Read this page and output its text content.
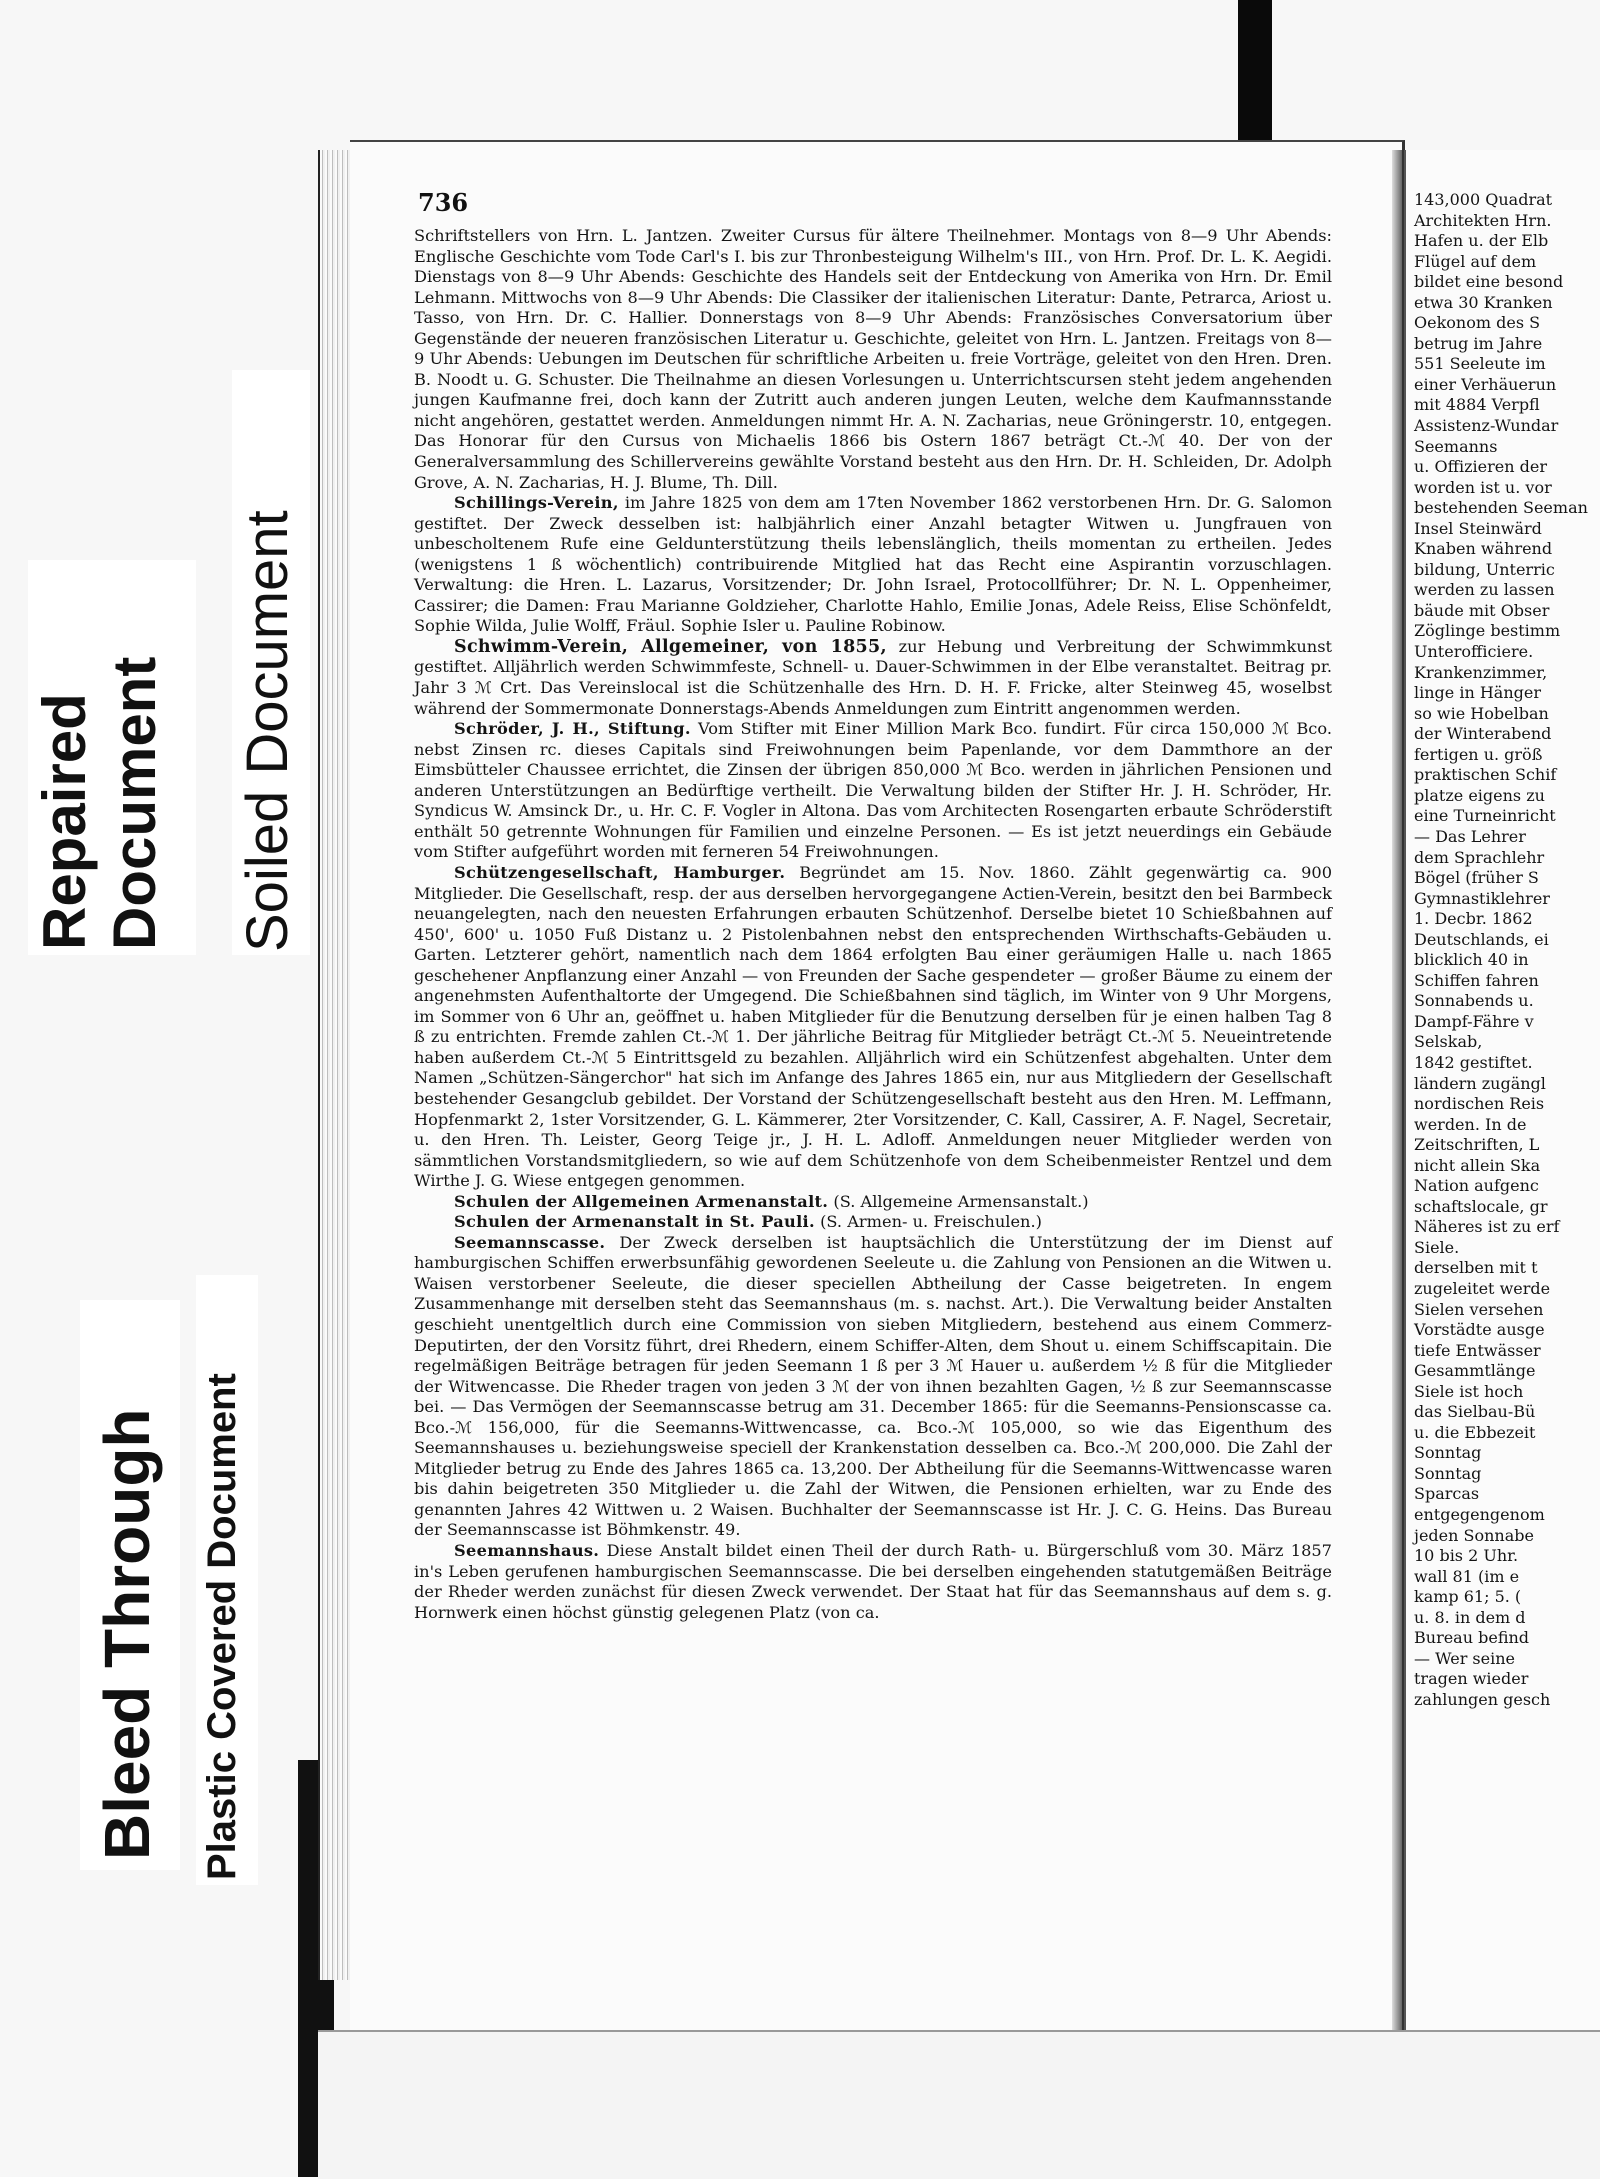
143,000 Quadrat
Architekten Hrn.
Hafen u. der Elb
Flügel auf dem
bildet eine besond
etwa 30 Kranken
Oekonom des S
betrug im Jahre
551 Seeleute im
einer Verhäuerun
mit 4884 Verpfl
Assistenz-Wundar
Seemanns
u. Offizieren der
worden ist u. vor
bestehenden Seeman
Insel Steinwärd
Knaben während
bildung, Unterric
werden zu lassen
bäude mit Obser
Zöglinge bestimm
Unterofficiere.
Krankenzimmer,
linge in Hänger
so wie Hobelban
der Winterabend
fertigen u. größ
praktischen Schif
platze eigens zu
eine Turneinricht
— Das Lehrer
dem Sprachlehr
Bögel (früher S
Gymnastiklehrer
1. Decbr. 1862
Deutschlands, ei
blicklich 40 in
Schiffen fahren
Sonnabends u.
Dampf-Fähre v
Selskab,
1842 gestiftet.
ländern zugängl
nordischen Reis
werden. In de
Zeitschriften, L
nicht allein Ska
Nation aufgenc
schaftslocale, gr
Näheres ist zu erf
Siele.
derselben mit t
zugeleitet werde
Sielen versehen
Vorstädte ausge
tiefe Entwässer
Gesammtlänge
Siele ist hoch
das Sielbau-Bü
u. die Ebbezeit
Sonntag
Sonntag
Sparcas
entgegengenom
jeden Sonnabe
10 bis 2 Uhr.
wall 81 (im e
kamp 61; 5. (
u. 8. in dem d
Bureau befind
— Wer seine
tragen wieder
zahlungen gesch
Repaired Document Soiled Document
Bleed Through Plastic Covered Document
736

Schriftstellers von Hrn. L. Jantzen. Zweiter Cursus für ältere Theilnehmer. Montags von 8—9 Uhr Abends: Englische Geschichte vom Tode Carl's I. bis zur Thronbesteigung Wilhelm's III., von Hrn. Prof. Dr. L. K. Aegidi. Dienstags von 8—9 Uhr Abends: Geschichte des Handels seit der Entdeckung von Amerika von Hrn. Dr. Emil Lehmann. Mittwochs von 8—9 Uhr Abends: Die Classiker der italienischen Literatur: Dante, Petrarca, Ariost u. Tasso, von Hrn. Dr. C. Hallier. Donnerstags von 8—9 Uhr Abends: Französisches Conversatorium über Gegenstände der neueren französischen Literatur u. Geschichte, geleitet von Hrn. L. Jantzen. Freitags von 8—9 Uhr Abends: Uebungen im Deutschen für schriftliche Arbeiten u. freie Vorträge, geleitet von den Hren. Dren. B. Noodt u. G. Schuster. Die Theilnahme an diesen Vorlesungen u. Unterrichtscursen steht jedem angehenden jungen Kaufmanne frei, doch kann der Zutritt auch anderen jungen Leuten, welche dem Kaufmannsstande nicht angehören, gestattet werden. Anmeldungen nimmt Hr. A. N. Zacharias, neue Gröningerstr. 10, entgegen. Das Honorar für den Cursus von Michaelis 1866 bis Ostern 1867 beträgt Ct.-ℳ 40. Der von der Generalversammlung des Schillervereins gewählte Vorstand besteht aus den Hrn. Dr. H. Schleiden, Dr. Adolph Grove, A. N. Zacharias, H. J. Blume, Th. Dill.

Schillings-Verein, im Jahre 1825 von dem am 17ten November 1862 verstorbenen Hrn. Dr. G. Salomon gestiftet. Der Zweck desselben ist: halbjährlich einer Anzahl betagter Witwen u. Jungfrauen von unbescholtenem Rufe eine Geldunterstützung theils lebenslänglich, theils momentan zu ertheilen. Jedes (wenigstens 1 ß wöchentlich) contribuirende Mitglied hat das Recht eine Aspirantin vorzuschlagen. Verwaltung: die Hren. L. Lazarus, Vorsitzender; Dr. John Israel, Protocollführer; Dr. N. L. Oppenheimer, Cassirer; die Damen: Frau Marianne Goldzieher, Charlotte Hahlo, Emilie Jonas, Adele Reiss, Elise Schönfeldt, Sophie Wilda, Julie Wolff, Fräul. Sophie Isler u. Pauline Robinow.

Schwimm-Verein, Allgemeiner, von 1855, zur Hebung und Verbreitung der Schwimmkunst gestiftet. Alljährlich werden Schwimmfeste, Schnell- u. Dauer-Schwimmen in der Elbe veranstaltet. Beitrag pr. Jahr 3 ℳ Crt. Das Vereinslocal ist die Schützenhalle des Hrn. D. H. F. Fricke, alter Steinweg 45, woselbst während der Sommermonate Donnerstags-Abends Anmeldungen zum Eintritt angenommen werden.

Schröder, J. H., Stiftung. Vom Stifter mit Einer Million Mark Bco. fundirt. Für circa 150,000 ℳ Bco. nebst Zinsen rc. dieses Capitals sind Freiwohnungen beim Papenlande, vor dem Dammthore an der Eimsbütteler Chaussee errichtet, die Zinsen der übrigen 850,000 ℳ Bco. werden in jährlichen Pensionen und anderen Unterstützungen an Bedürftige vertheilt. Die Verwaltung bilden der Stifter Hr. J. H. Schröder, Hr. Syndicus W. Amsinck Dr., u. Hr. C. F. Vogler in Altona. Das vom Architecten Rosengarten erbaute Schröderstift enthält 50 getrennte Wohnungen für Familien und einzelne Personen. — Es ist jetzt neuerdings ein Gebäude vom Stifter aufgeführt worden mit ferneren 54 Freiwohnungen.

Schützengesellschaft, Hamburger. Begründet am 15. Nov. 1860. Zählt gegenwärtig ca. 900 Mitglieder. Die Gesellschaft, resp. der aus derselben hervorgegangene Actien-Verein, besitzt den bei Barmbeck neuangelegten, nach den neuesten Erfahrungen erbauten Schützenhof. Derselbe bietet 10 Schießbahnen auf 450', 600' u. 1050 Fuß Distanz u. 2 Pistolenbahnen nebst den entsprechenden Wirthschafts-Gebäuden u. Garten. Letzterer gehört, namentlich nach dem 1864 erfolgten Bau einer geräumigen Halle u. nach 1865 geschehener Anpflanzung einer Anzahl — von Freunden der Sache gespendeter — großer Bäume zu einem der angenehmsten Aufenthaltorte der Umgegend. Die Schießbahnen sind täglich, im Winter von 9 Uhr Morgens, im Sommer von 6 Uhr an, geöffnet u. haben Mitglieder für die Benutzung derselben für je einen halben Tag 8 ß zu entrichten. Fremde zahlen Ct.-ℳ 1. Der jährliche Beitrag für Mitglieder beträgt Ct.-ℳ 5. Neueintretende haben außerdem Ct.-ℳ 5 Eintrittsgeld zu bezahlen. Alljährlich wird ein Schützenfest abgehalten. Unter dem Namen „Schützen-Sängerchor" hat sich im Anfange des Jahres 1865 ein, nur aus Mitgliedern der Gesellschaft bestehender Gesangclub gebildet. Der Vorstand der Schützengesellschaft besteht aus den Hren. M. Leffmann, Hopfenmarkt 2, 1ster Vorsitzender, G. L. Kämmerer, 2ter Vorsitzender, C. Kall, Cassirer, A. F. Nagel, Secretair, u. den Hren. Th. Leister, Georg Teige jr., J. H. L. Adloff. Anmeldungen neuer Mitglieder werden von sämmtlichen Vorstandsmitgliedern, so wie auf dem Schützenhofe von dem Scheibenmeister Rentzel und dem Wirthe J. G. Wiese entgegen genommen.

Schulen der Allgemeinen Armenanstalt. (S. Allgemeine Armensanstalt.)

Schulen der Armenanstalt in St. Pauli. (S. Armen- u. Freischulen.)

Seemannscasse. Der Zweck derselben ist hauptsächlich die Unterstützung der im Dienst auf hamburgischen Schiffen erwerbsunfähig gewordenen Seeleute u. die Zahlung von Pensionen an die Witwen u. Waisen verstorbener Seeleute, die dieser speciellen Abtheilung der Casse beigetreten. In engem Zusammenhange mit derselben steht das Seemannshaus (m. s. nachst. Art.). Die Verwaltung beider Anstalten geschieht unentgeltlich durch eine Commission von sieben Mitgliedern, bestehend aus einem Commerz-Deputirten, der den Vorsitz führt, drei Rhedern, einem Schiffer-Alten, dem Shout u. einem Schiffscapitain. Die regelmäßigen Beiträge betragen für jeden Seemann 1 ß per 3 ℳ Hauer u. außerdem ½ ß für die Mitglieder der Witwencasse. Die Rheder tragen von jeden 3 ℳ der von ihnen bezahlten Gagen, ½ ß zur Seemannscasse bei. — Das Vermögen der Seemannscasse betrug am 31. December 1865: für die Seemanns-Pensionscasse ca. Bco.-ℳ 156,000, für die Seemanns-Wittwencasse, ca. Bco.-ℳ 105,000, so wie das Eigenthum des Seemannshauses u. beziehungsweise speciell der Krankenstation desselben ca. Bco.-ℳ 200,000. Die Zahl der Mitglieder betrug zu Ende des Jahres 1865 ca. 13,200. Der Abtheilung für die Seemanns-Wittwencasse waren bis dahin beigetreten 350 Mitglieder u. die Zahl der Witwen, die Pensionen erhielten, war zu Ende des genannten Jahres 42 Wittwen u. 2 Waisen. Buchhalter der Seemannscasse ist Hr. J. C. G. Heins. Das Bureau der Seemannscasse ist Böhmkenstr. 49.

Seemannshaus. Diese Anstalt bildet einen Theil der durch Rath- u. Bürgerschluß vom 30. März 1857 in's Leben gerufenen hamburgischen Seemannscasse. Die bei derselben eingehenden statutgemäßen Beiträge der Rheder werden zunächst für diesen Zweck verwendet. Der Staat hat für das Seemannshaus auf dem s. g. Hornwerk einen höchst günstig gelegenen Platz (von ca.
